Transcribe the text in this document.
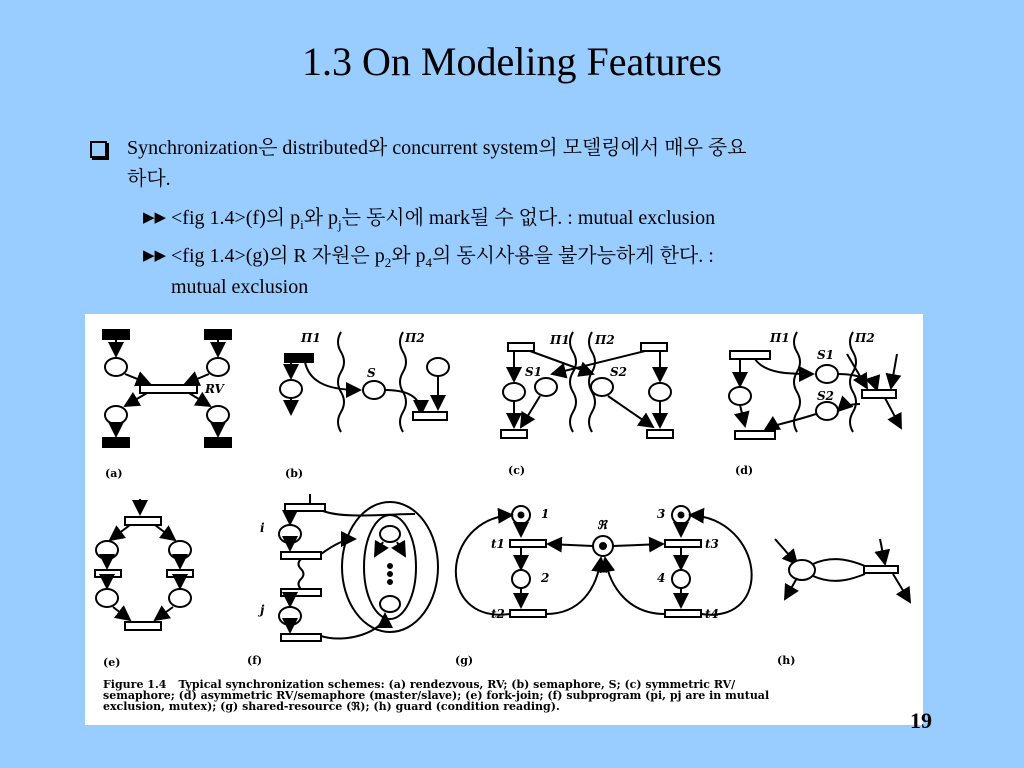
1.3 On Modeling Features
Synchronization은 distributed와 concurrent system의 모델링에서 매우 중요
하다.
▶▶ <fig 1.4>(f)의 $p_i$와 $p_j$는 동시에 mark될 수 없다. : mutual exclusion
▶▶ <fig 1.4>(g)의 R 자원은 $p_2$와 $p_4$의 동시사용을 불가능하게 한다. :
mutual exclusion
RV
S
Π1	Π2	Π1 Π2
S1	S2
Π1	Π2
S1
S2
i
j
1
2
3
4
t1
t2
t3
t4
ℜ
(a)	(b)	(c)	(d)
(e)	(f)	(g)	(h)
Figure 1.4 Typical synchronization schemes: (a) rendezvous, RV; (b) semaphore, S; (c) symmetric RV/
semaphore; (d) asymmetric RV/semaphore (master/slave); (e) fork-join; (f) subprogram (pi, pj are in mutual
exclusion, mutex); (g) shared-resource (ℜ); (h) guard (condition reading).
19
